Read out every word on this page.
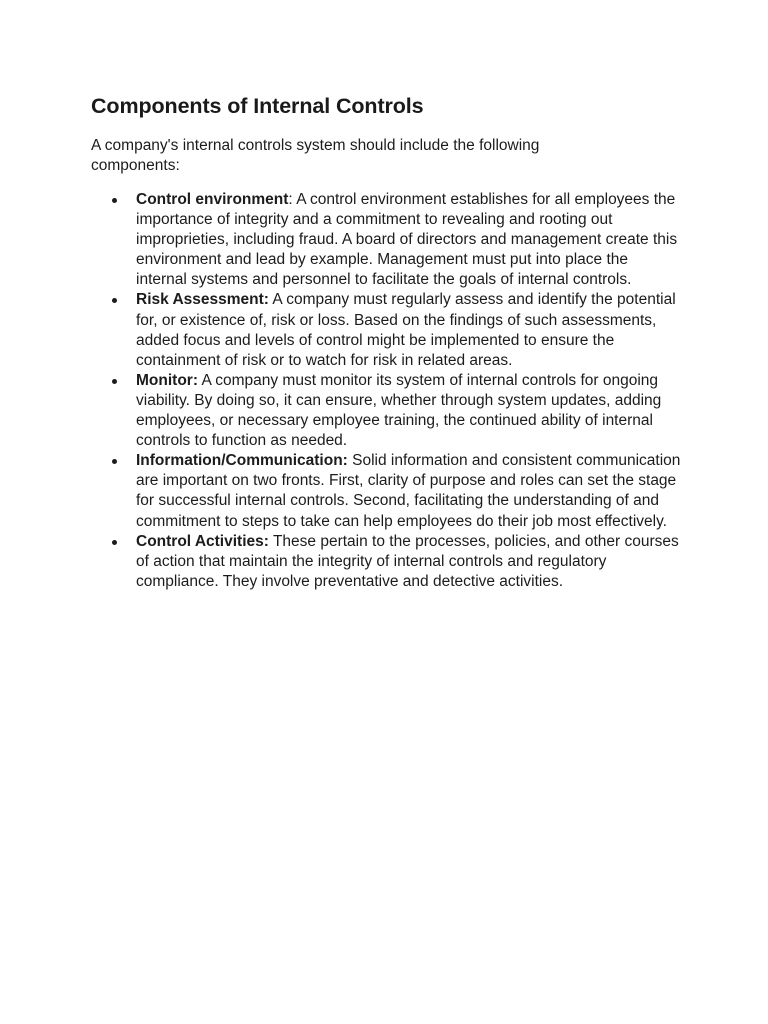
Components of Internal Controls

A company's internal controls system should include the following components:

Control environment: A control environment establishes for all employees the importance of integrity and a commitment to revealing and rooting out improprieties, including fraud. A board of directors and management create this environment and lead by example. Management must put into place the internal systems and personnel to facilitate the goals of internal controls.
Risk Assessment: A company must regularly assess and identify the potential for, or existence of, risk or loss. Based on the findings of such assessments, added focus and levels of control might be implemented to ensure the containment of risk or to watch for risk in related areas.
Monitor: A company must monitor its system of internal controls for ongoing viability. By doing so, it can ensure, whether through system updates, adding employees, or necessary employee training, the continued ability of internal controls to function as needed.
Information/Communication: Solid information and consistent communication are important on two fronts. First, clarity of purpose and roles can set the stage for successful internal controls. Second, facilitating the understanding of and commitment to steps to take can help employees do their job most effectively.
Control Activities: These pertain to the processes, policies, and other courses of action that maintain the integrity of internal controls and regulatory compliance. They involve preventative and detective activities.
